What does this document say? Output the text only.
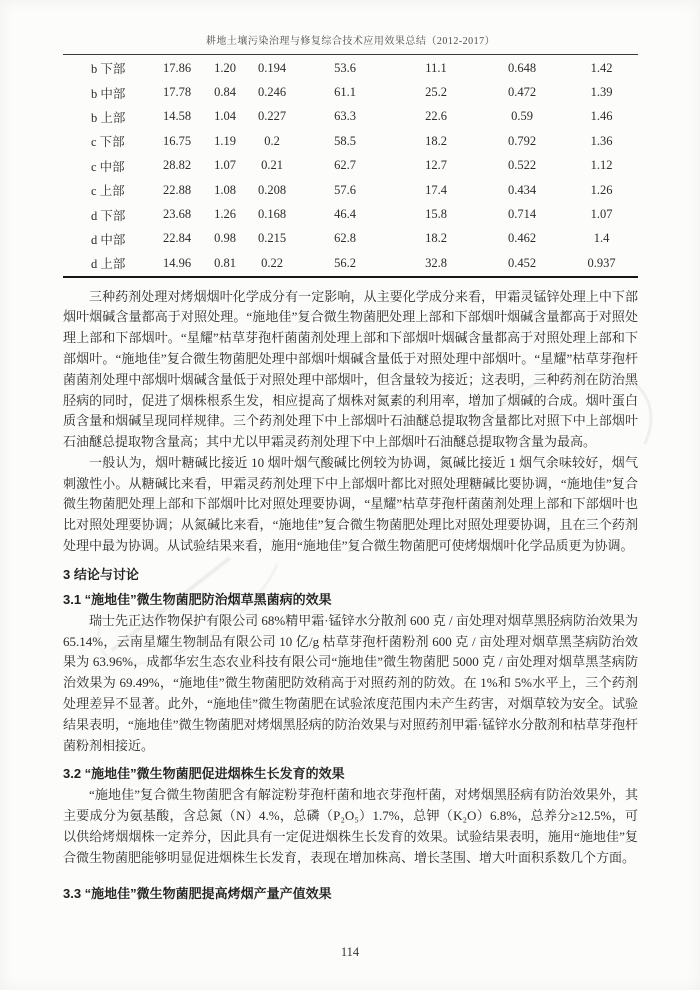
耕地土壤污染治理与修复综合技术应用效果总结（2012-2017）
b 下部	17.86	1.20	0.194	53.6	11.1	0.648	1.42
b 中部	17.78	0.84	0.246	61.1	25.2	0.472	1.39
b 上部	14.58	1.04	0.227	63.3	22.6	0.59	1.46
c 下部	16.75	1.19	0.2	58.5	18.2	0.792	1.36
c 中部	28.82	1.07	0.21	62.7	12.7	0.522	1.12
c 上部	22.88	1.08	0.208	57.6	17.4	0.434	1.26
d 下部	23.68	1.26	0.168	46.4	15.8	0.714	1.07
d 中部	22.84	0.98	0.215	62.8	18.2	0.462	1.4
d 上部	14.96	0.81	0.22	56.2	32.8	0.452	0.937

三种药剂处理对烤烟烟叶化学成分有一定影响，从主要化学成分来看，甲霜灵锰锌处理上中下部烟叶烟碱含量都高于对照处理。“施地佳”复合微生物菌肥处理上部和下部烟叶烟碱含量都高于对照处理上部和下部烟叶。“星耀”枯草芽孢杆菌菌剂处理上部和下部烟叶烟碱含量都高于对照处理上部和下部烟叶。“施地佳”复合微生物菌肥处理中部烟叶烟碱含量低于对照处理中部烟叶。“星耀”枯草芽孢杆菌菌剂处理中部烟叶烟碱含量低于对照处理中部烟叶，但含量较为接近；这表明，三种药剂在防治黑胫病的同时，促进了烟株根系生发，相应提高了烟株对氮素的利用率，增加了烟碱的合成。烟叶蛋白质含量和烟碱呈现同样规律。三个药剂处理下中上部烟叶石油醚总提取物含量都比对照下中上部烟叶石油醚总提取物含量高；其中尤以甲霜灵药剂处理下中上部烟叶石油醚总提取物含量为最高。

一般认为，烟叶糖碱比接近 10 烟叶烟气酸碱比例较为协调，氮碱比接近 1 烟气余味较好，烟气刺激性小。从糖碱比来看，甲霜灵药剂处理下中上部烟叶都比对照处理糖碱比要协调，“施地佳”复合微生物菌肥处理上部和下部烟叶比对照处理要协调，“星耀”枯草芽孢杆菌菌剂处理上部和下部烟叶也比对照处理要协调；从氮碱比来看，“施地佳”复合微生物菌肥处理比对照处理要协调，且在三个药剂处理中最为协调。从试验结果来看，施用“施地佳”复合微生物菌肥可使烤烟烟叶化学品质更为协调。

3 结论与讨论
3.1 “施地佳”微生物菌肥防治烟草黑菌病的效果

瑞士先正达作物保护有限公司 68%精甲霜·锰锌水分散剂 600 克 / 亩处理对烟草黑胫病防治效果为 65.14%，云南星耀生物制品有限公司 10 亿/g 枯草芽孢杆菌粉剂 600 克 / 亩处理对烟草黑茎病防治效果为 63.96%，成都华宏生态农业科技有限公司“施地佳”微生物菌肥 5000 克 / 亩处理对烟草黑茎病防治效果为 69.49%，“施地佳”微生物菌肥防效稍高于对照药剂的防效。在 1%和 5%水平上，三个药剂处理差异不显著。此外，“施地佳”微生物菌肥在试验浓度范围内未产生药害，对烟草较为安全。试验结果表明，“施地佳”微生物菌肥对烤烟黑胫病的防治效果与对照药剂甲霜·锰锌水分散剂和枯草芽孢杆菌粉剂相接近。

3.2 “施地佳”微生物菌肥促进烟株生长发育的效果

“施地佳”复合微生物菌肥含有解淀粉芽孢杆菌和地衣芽孢杆菌，对烤烟黑胫病有防治效果外，其主要成分为氨基酸，含总氮（N）4.%，总磷（P₂O₅）1.7%，总钾（K₂O）6.8%，总养分≥12.5%，可以供给烤烟烟株一定养分，因此具有一定促进烟株生长发育的效果。试验结果表明，施用“施地佳”复合微生物菌肥能够明显促进烟株生长发育，表现在增加株高、增长茎围、增大叶面积系数几个方面。

3.3 “施地佳”微生物菌肥提高烤烟产量产值效果
114
